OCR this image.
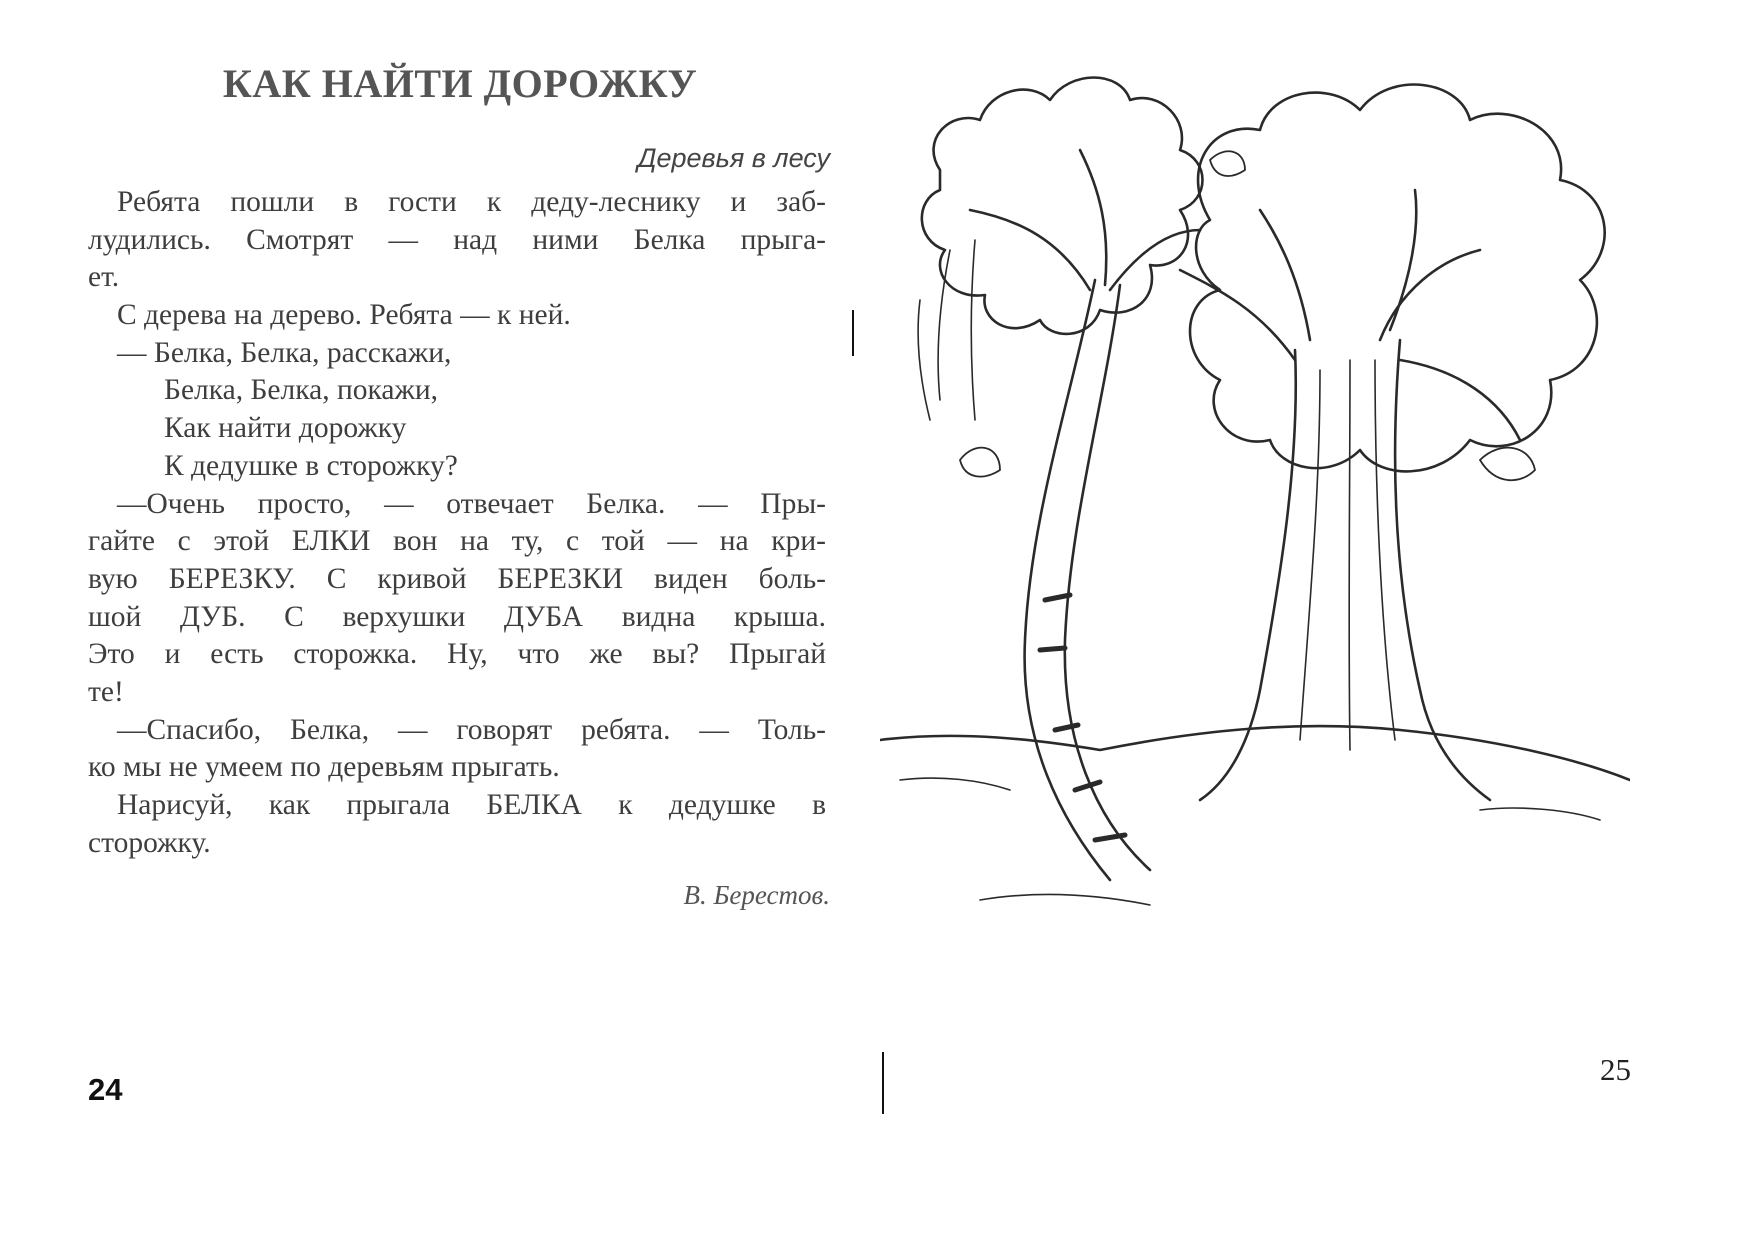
КАК НАЙТИ ДОРОЖКУ
Деревья в лесу
Ребята пошли в гости к деду-леснику и заб-
лудились. Смотрят — над ними Белка прыга-
ет.
С дерева на дерево. Ребята — к ней.
— Белка, Белка, расскажи,
Белка, Белка, покажи,
Как найти дорожку
К дедушке в сторожку?
—Очень просто, — отвечает Белка. — Пры-
гайте с этой ЕЛКИ вон на ту, с той — на кри-
вую БЕРЕЗКУ. С кривой БЕРЕЗКИ виден боль-
шой ДУБ. С верхушки ДУБА видна крыша.
Это и есть сторожка. Ну, что же вы? Прыгай
те!
—Спасибо, Белка, — говорят ребята. — Толь-
ко мы не умеем по деревьям прыгать.
Нарисуй, как прыгала БЕЛКА к дедушке в
сторожку.
В. Берестов.
24
25
